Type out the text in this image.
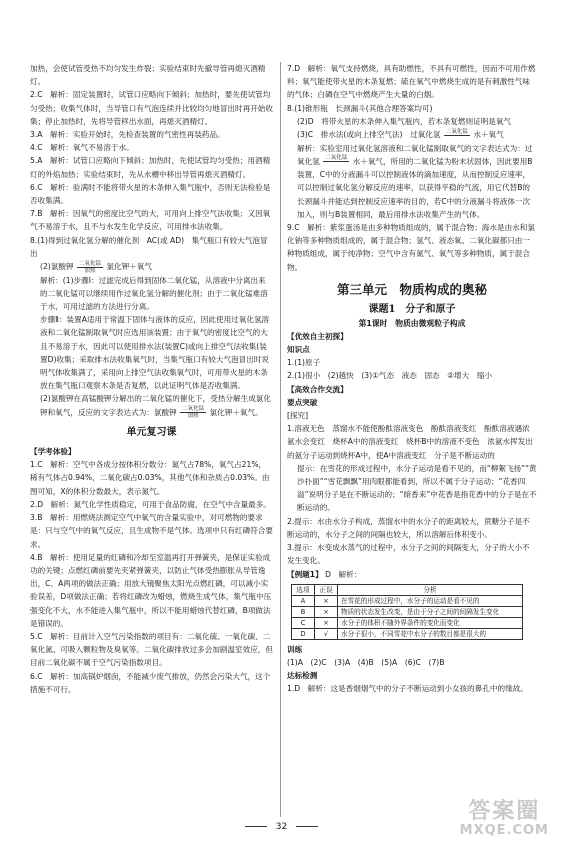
加热，会使试管受热不均匀发生炸裂；实验结束时先撤导管再熄灭酒精灯。

2.C　解析：固定装置时，试管口应略向下倾斜；加热时，要先使试管均匀受热；收集气体时，当导管口有气泡连续并比较均匀地冒出时再开始收集；停止加热时，先将导管移出水面，再熄灭酒精灯。

3.A　解析：实验开始时，先检查装置的气密性再装药品。

4.C　解析：氧气不易溶于水。

5.A　解析：试管口应略向下倾斜；加热时，先使试管均匀受热；用酒精灯的外焰加热；实验结束时，先从水槽中移出导管再熄灭酒精灯。

6.C　解析：验满时不能将带火星的木条伸入集气瓶中，否则无法检验是否收集满。

7.B　解析：因氧气的密度比空气的大，可用向上排空气法收集；又因氧气不易溶于水，且不与水发生化学反应，可用排水法收集。

8.(1)得到过氧化氢分解的催化剂　AC(或 AD)　集气瓶口有较大气泡冒出

(2)氯酸钾 $\frac{\text{二氧化锰}}{\text{加热}}$ 氯化钾＋氧气

解析：(1)步骤Ⅰ：过滤完成后得到固体二氧化锰，从溶液中分离出来的二氧化锰可以继续用作过氧化氢分解的催化剂；由于二氧化锰难溶于水，可用过滤的方法进行分离。

步骤Ⅱ：装置A适用于常温下固体与液体的反应，因此使用过氧化氢溶液和二氧化锰制取氧气时应选用该装置；由于氧气的密度比空气的大且不易溶于水，因此可以使用排水法(装置C)或向上排空气法收集(装置D)收集；采取排水法收集氧气时，当集气瓶口有较大气泡冒出时说明气体收集满了，采用向上排空气法收集氧气时，可用带火星的木条放在集气瓶口观察木条是否复燃，以此证明气体是否收集满。

(2)氯酸钾在高锰酸钾分解出的二氧化锰的催化下，受热分解生成氯化钾和氧气，反应的文字表达式为：氯酸钾 $\frac{\text{二氧化锰}}{\text{加热}}$ 氯化钾＋氧气。

单元复习课

【学考体验】

1.C　解析：空气中各成分按体积分数分：氮气占78%，氧气占21%，稀有气体占0.94%，二氧化碳占0.03%，其他气体和杂质占0.03%。由图可知，X的体积分数最大，表示氮气。

2.D　解析：氮气化学性质稳定，可用于食品防腐，在空气中含量最多。

3.B　解析：用燃烧法测定空气中氧气的含量实验中，对可燃物的要求是：只与空气中的氧气反应，且生成物不是气体。选项中只有红磷符合要求。

4.B　解析：使用足量的红磷和冷却至室温再打开弹簧夹，是保证实验成功的关键；点燃红磷前要先夹紧弹簧夹，以防止气体受热膨胀从导管逸出，C、A两项的做法正确；用放大镜聚焦太阳光点燃红磷，可以减小实验误差，D项做法正确；若将红磷改为蜡烛，燃烧生成气体，集气瓶中压强变化不大，水不能进入集气瓶中，所以不能用蜡烛代替红磷，B项做法是错误的。

5.C　解析：目前计入空气污染指数的项目有：二氧化硫、一氧化碳、二氧化氮、可吸入颗粒物及臭氧等。二氧化碳排放过多会加剧温室效应，但目前二氧化碳不属于空气污染指数项目。

6.C　解析：加高锅炉烟囱，不能减少废气排放，仍然会污染大气，这个措施不可行。

7.D　解析：氧气支持燃烧，具有助燃性，不具有可燃性，因而不可用作燃料；氧气能使带火星的木条复燃；硫在氧气中燃烧生成的是有刺激性气味的气体；白磷在空气中燃烧产生大量的白烟。

8.(1)锥形瓶　长颈漏斗(其他合理答案均可)

(2)D　将带火星的木条伸入集气瓶内，若木条复燃则证明是氧气

(3)C　排水法(或向上排空气法)　过氧化氢 二氧化锰
水＋氧气

解析：实验室用过氧化氢溶液和二氧化锰制取氧气的文字表达式为：过氧化氢 二氧化锰
水＋氧气，所用的二氧化锰为粉末状固体，因此要用B装置，C中的分液漏斗可以控制液体的滴加速度，从而控制反应速率，可以控制过氧化氢分解反应的速率，以获得平稳的气流，用它代替B的长颈漏斗并能达到控制反应速率的目的，若C中的分液漏斗将液体一次加入，则与B装置相同，最后用排水法收集产生的气体。

9.C　解析：紫浆蛋汤是由多种物质组成的，属于混合物；海水是由水和氯化钠等多种物质组成的，属于混合物；氢气、液态氧、二氧化碳都只由一种物质组成，属于纯净物；空气中含有氮气、氧气等多种物质，属于混合物。

第三单元　物质构成的奥秘
课题1　分子和原子
第1课时　物质由微观粒子构成

【优效自主初探】

知识点

1.(1)原子

2.(1)很小　(2)越快　(3)①气态　液态　固态　②增大　缩小

【高效合作交流】

要点突破

[探究]

1.溶液无色　蒸馏水不能使酚酞溶液变色　酚酞溶液变红　酚酞溶液遇浓氨水会变红　烧杯A中的溶液变红　烧杯B中的溶液不变色　浓氨水挥发出的氨分子运动到烧杯A中，使A中溶液变红　分子是不断运动的

提示：在雪花的形成过程中，水分子运动是看不见的，而“柳絮飞扬”“黄沙扑面”“雪花飘飘”用肉眼都能看到，所以不属于分子运动；“花香四溢”说明分子是在不断运动的；“暗香来”中花香是指花香中的分子是在不断运动的。

2.提示：水由水分子构成，蒸馏水中的水分子的距离较大，蔗糖分子是不断运动的，水分子之间的间隔也较大，所以溶解后体积变小。

3.提示：水变成水蒸气的过程中，水分子之间的间隔变大，分子的大小不发生变化。

【例题1】 D　解析：

选项	正误	分析
A	×	在雪花的形成过程中，水分子的运动是看不见的
B	×	物质的状态发生改变，是由于分子之间的间隔发生变化
C	×	水分子的体积不随外界条件的变化而变化
D	√	水分子很小，不同雪花中水分子的数目都是很大的

训练

(1)A　(2)C　(3)A　(4)B　(5)A　(6)C　(7)B

达标检测

1.D　解析：这是香烟烟气中的分子不断运动到小女孩的鼻孔中的缘故。

32
答案圈
MXQE.COM
